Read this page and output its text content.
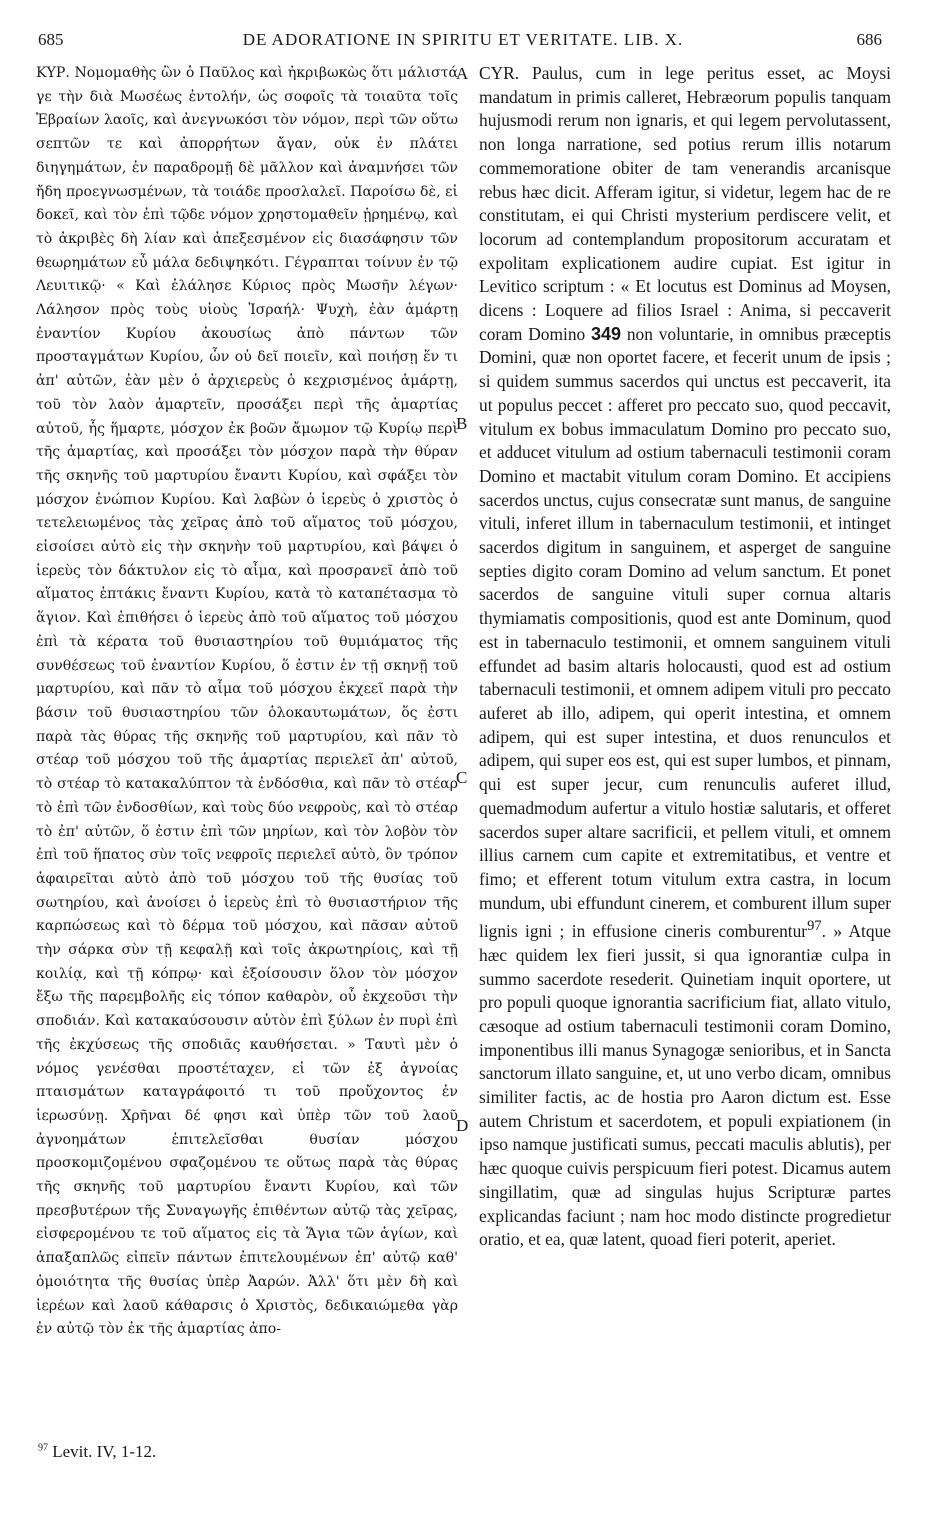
685	DE ADORATIONE IN SPIRITU ET VERITATE. LIB. X.	686

ΚΥΡ. Νομομαθὴς ὢν ὁ Παῦλος καὶ ἠκριβωκὼς ὅτι μάλιστά γε τὴν διὰ Μωσέως ἐντολήν, ὡς σοφοῖς τὰ τοιαῦτα τοῖς Ἑβραίων λαοῖς, καὶ ἀνεγνωκόσι τὸν νόμον, περὶ τῶν οὕτω σεπτῶν τε καὶ ἀπορρήτων ἄγαν, οὐκ ἐν πλάτει διηγημάτων, ἐν παραδρομῇ δὲ μᾶλλον καὶ ἀναμνήσει τῶν ἤδη προεγνωσμένων, τὰ τοιάδε προσλαλεῖ. Παροίσω δὲ, εἰ δοκεῖ, καὶ τὸν ἐπὶ τῷδε νόμον χρηστομαθεῖν ᾑρημένῳ, καὶ τὸ ἀκριβὲς δὴ λίαν καὶ ἀπεξεσμένον εἰς διασάφησιν τῶν θεωρημάτων εὖ μάλα δεδιψηκότι. Γέγραπται τοίνυν ἐν τῷ Λευιτικῷ· « Καὶ ἐλάλησε Κύριος πρὸς Μωσῆν λέγων· Λάλησον πρὸς τοὺς υἱοὺς Ἰσραήλ· Ψυχὴ, ἐὰν ἁμάρτῃ ἐναντίον Κυρίου ἀκουσίως ἀπὸ πάντων τῶν προσταγμάτων Κυρίου, ὧν οὐ δεῖ ποιεῖν, καὶ ποιήσῃ ἕν τι ἀπ' αὐτῶν, ἐὰν μὲν ὁ ἀρχιερεὺς ὁ κεχρισμένος ἁμάρτῃ, τοῦ τὸν λαὸν ἁμαρτεῖν, προσάξει περὶ τῆς ἁμαρτίας αὐτοῦ, ἧς ἥμαρτε, μόσχον ἐκ βοῶν ἄμωμον τῷ Κυρίῳ περὶ τῆς ἁμαρτίας, καὶ προσάξει τὸν μόσχον παρὰ τὴν θύραν τῆς σκηνῆς τοῦ μαρτυρίου ἔναντι Κυρίου, καὶ σφάξει τὸν μόσχον ἐνώπιον Κυρίου. Καὶ λαβὼν ὁ ἱερεὺς ὁ χριστὸς ὁ τετελειωμένος τὰς χεῖρας ἀπὸ τοῦ αἵματος τοῦ μόσχου, εἰσοίσει αὐτὸ εἰς τὴν σκηνὴν τοῦ μαρτυρίου, καὶ βάψει ὁ ἱερεὺς τὸν δάκτυλον εἰς τὸ αἷμα, καὶ προσρανεῖ ἀπὸ τοῦ αἵματος ἑπτάκις ἔναντι Κυρίου, κατὰ τὸ καταπέτασμα τὸ ἅγιον. Καὶ ἐπιθήσει ὁ ἱερεὺς ἀπὸ τοῦ αἵματος τοῦ μόσχου ἐπὶ τὰ κέρατα τοῦ θυσιαστηρίου τοῦ θυμιάματος τῆς συνθέσεως τοῦ ἐναντίον Κυρίου, ὅ ἐστιν ἐν τῇ σκηνῇ τοῦ μαρτυρίου, καὶ πᾶν τὸ αἷμα τοῦ μόσχου ἐκχεεῖ παρὰ τὴν βάσιν τοῦ θυσιαστηρίου τῶν ὁλοκαυτωμάτων, ὅς ἐστι παρὰ τὰς θύρας τῆς σκηνῆς τοῦ μαρτυρίου, καὶ πᾶν τὸ στέαρ τοῦ μόσχου τοῦ τῆς ἁμαρτίας περιελεῖ ἀπ' αὐτοῦ, τὸ στέαρ τὸ κατακαλύπτον τὰ ἐνδόσθια, καὶ πᾶν τὸ στέαρ τὸ ἐπὶ τῶν ἐνδοσθίων, καὶ τοὺς δύο νεφροὺς, καὶ τὸ στέαρ τὸ ἐπ' αὐτῶν, ὅ ἐστιν ἐπὶ τῶν μηρίων, καὶ τὸν λοβὸν τὸν ἐπὶ τοῦ ἥπατος σὺν τοῖς νεφροῖς περιελεῖ αὐτὸ, ὃν τρόπον ἀφαιρεῖται αὐτὸ ἀπὸ τοῦ μόσχου τοῦ τῆς θυσίας τοῦ σωτηρίου, καὶ ἀνοίσει ὁ ἱερεὺς ἐπὶ τὸ θυσιαστήριον τῆς καρπώσεως καὶ τὸ δέρμα τοῦ μόσχου, καὶ πᾶσαν αὐτοῦ τὴν σάρκα σὺν τῇ κεφαλῇ καὶ τοῖς ἀκρωτηρίοις, καὶ τῇ κοιλίᾳ, καὶ τῇ κόπρῳ· καὶ ἐξοίσουσιν ὅλον τὸν μόσχον ἔξω τῆς παρεμβολῆς εἰς τόπον καθαρὸν, οὗ ἐκχεοῦσι τὴν σποδιάν. Καὶ κατακαύσουσιν αὐτὸν ἐπὶ ξύλων ἐν πυρὶ ἐπὶ τῆς ἐκχύσεως τῆς σποδιᾶς καυθήσεται. » Ταυτὶ μὲν ὁ νόμος γενέσθαι προστέταχεν, εἰ τῶν ἐξ ἀγνοίας πταισμάτων καταγράφοιτό τι τοῦ προὔχοντος ἐν ἱερωσύνῃ. Χρῆναι δέ φησι καὶ ὑπὲρ τῶν τοῦ λαοῦ ἀγνοημάτων ἐπιτελεῖσθαι θυσίαν μόσχου προσκομιζομένου σφαζομένου τε οὕτως παρὰ τὰς θύρας τῆς σκηνῆς τοῦ μαρτυρίου ἔναντι Κυρίου, καὶ τῶν πρεσβυτέρων τῆς Συναγωγῆς ἐπιθέντων αὐτῷ τὰς χεῖρας, εἰσφερομένου τε τοῦ αἵματος εἰς τὰ Ἅγια τῶν ἁγίων, καὶ ἁπαξαπλῶς εἰπεῖν πάντων ἐπιτελουμένων ἐπ' αὐτῷ καθ' ὁμοιότητα τῆς θυσίας ὑπὲρ Ἀαρών. Ἀλλ' ὅτι μὲν δὴ καὶ ἱερέων καὶ λαοῦ κάθαρσις ὁ Χριστὸς, δεδικαιώμεθα γὰρ ἐν αὐτῷ τὸν ἐκ τῆς ἁμαρτίας ἀπο-

A
B
C
D

CYR. Paulus, cum in lege peritus esset, ac Moysi mandatum in primis calleret, Hebræorum populis tanquam hujusmodi rerum non ignaris, et qui legem pervolutassent, non longa narratione, sed potius rerum illis notarum commemoratione obiter de tam venerandis arcanisque rebus hæc dicit. Afferam igitur, si videtur, legem hac de re constitutam, ei qui Christi mysterium perdiscere velit, et locorum ad contemplandum propositorum accuratam et expolitam explicationem audire cupiat. Est igitur in Levitico scriptum : « Et locutus est Dominus ad Moysen, dicens : Loquere ad filios Israel : Anima, si peccaverit coram Domino 349 non voluntarie, in omnibus præceptis Domini, quæ non oportet facere, et fecerit unum de ipsis ; si quidem summus sacerdos qui unctus est peccaverit, ita ut populus peccet : afferet pro peccato suo, quod peccavit, vitulum ex bobus immaculatum Domino pro peccato suo, et adducet vitulum ad ostium tabernaculi testimonii coram Domino et mactabit vitulum coram Domino. Et accipiens sacerdos unctus, cujus consecratæ sunt manus, de sanguine vituli, inferet illum in tabernaculum testimonii, et intinget sacerdos digitum in sanguinem, et asperget de sanguine septies digito coram Domino ad velum sanctum. Et ponet sacerdos de sanguine vituli super cornua altaris thymiamatis compositionis, quod est ante Dominum, quod est in tabernaculo testimonii, et omnem sanguinem vituli effundet ad basim altaris holocausti, quod est ad ostium tabernaculi testimonii, et omnem adipem vituli pro peccato auferet ab illo, adipem, qui operit intestina, et omnem adipem, qui est super intestina, et duos renunculos et adipem, qui super eos est, qui est super lumbos, et pinnam, qui est super jecur, cum renunculis auferet illud, quemadmodum aufertur a vitulo hostiæ salutaris, et offeret sacerdos super altare sacrificii, et pellem vituli, et omnem illius carnem cum capite et extremitatibus, et ventre et fimo; et efferent totum vitulum extra castra, in locum mundum, ubi effundunt cinerem, et comburent illum super lignis igni ; in effusione cineris comburentur$^{97}$. » Atque hæc quidem lex fieri jussit, si qua ignorantiæ culpa in summo sacerdote resederit. Quinetiam inquit oportere, ut pro populi quoque ignorantia sacrificium fiat, allato vitulo, cæsoque ad ostium tabernaculi testimonii coram Domino, imponentibus illi manus Synagogæ senioribus, et in Sancta sanctorum illato sanguine, et, ut uno verbo dicam, omnibus similiter factis, ac de hostia pro Aaron dictum est. Esse autem Christum et sacerdotem, et populi expiationem (in ipso namque justificati sumus, peccati maculis ablutis), per hæc quoque cuivis perspicuum fieri potest. Dicamus autem singillatim, quæ ad singulas hujus Scripturæ partes explicandas faciunt ; nam hoc modo distincte progredietur oratio, et ea, quæ latent, quoad fieri poterit, aperiet.

$^{97}$ Levit. IV, 1-12.
